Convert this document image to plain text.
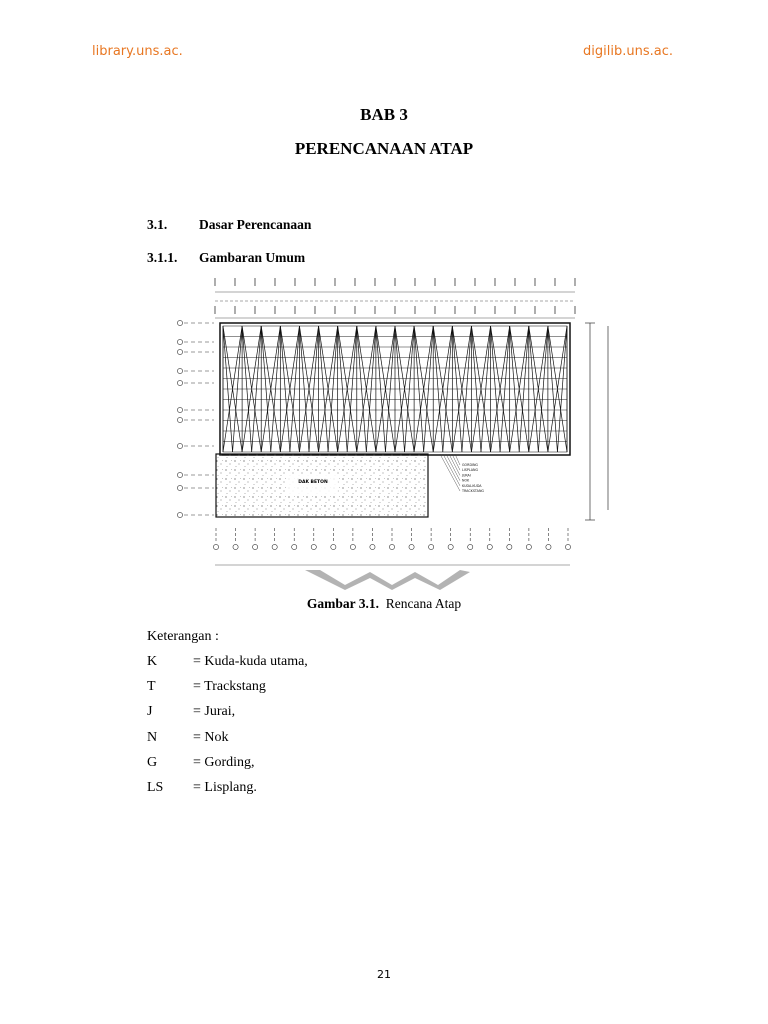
library.uns.ac.	digilib.uns.ac.
BAB 3
PERENCANAAN ATAP
3.1. Dasar Perencanaan
3.1.1. Gambaran Umum
DAK BETON
GORDING
LISPLANG
JURAI
NOK
KUDA-KUDA
TRACKSTANG
Gambar 3.1. Rencana Atap
Keterangan :
K	= Kuda-kuda utama,
T	= Trackstang
J	= Jurai,
N	= Nok
G	= Gording,
LS = Lisplang.
21
